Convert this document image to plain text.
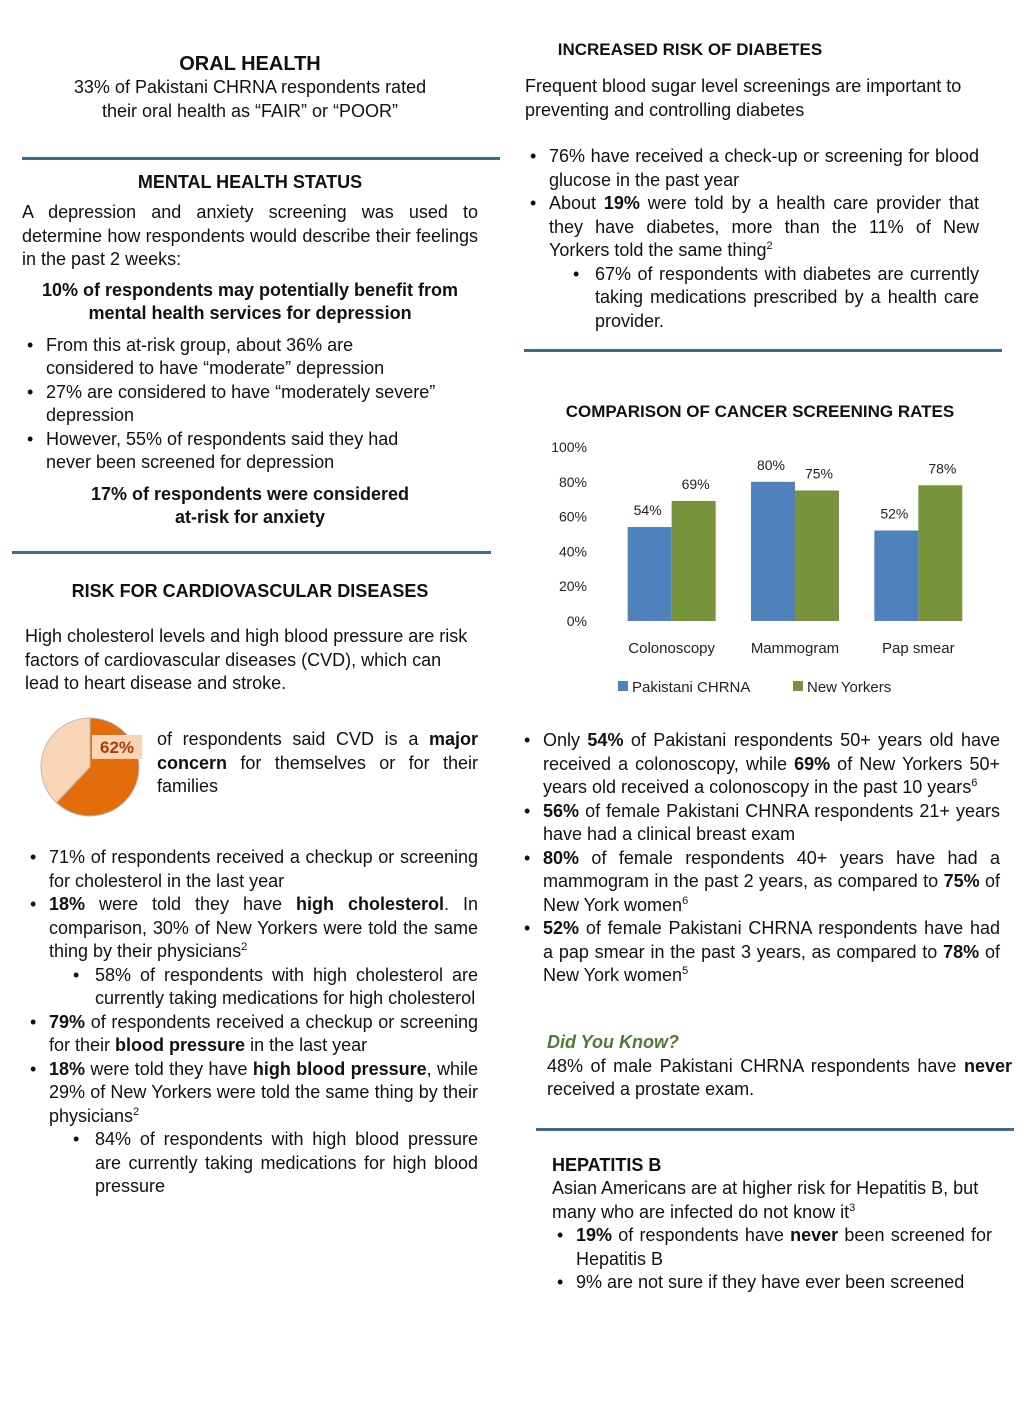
ORAL HEALTH
33% of Pakistani CHRNA respondents rated
their oral health as “FAIR” or “POOR”
MENTAL HEALTH STATUS
A depression and anxiety screening was used to determine how respondents would describe their feelings in the past 2 weeks:
10% of respondents may potentially benefit from
mental health services for depression
• From this at-risk group, about 36% are considered to have “moderate” depression
• 27% are considered to have “moderately severe” depression
• However, 55% of respondents said they had never been screened for depression
17% of respondents were considered
at-risk for anxiety
RISK FOR CARDIOVASCULAR DISEASES
High cholesterol levels and high blood pressure are risk factors of cardiovascular diseases (CVD), which can lead to heart disease and stroke.
62% of respondents said CVD is a major concern for themselves or for their families
• 71% of respondents received a checkup or screening for cholesterol in the last year
• 18% were told they have high cholesterol. In comparison, 30% of New Yorkers were told the same thing by their physicians$^2$
• 58% of respondents with high cholesterol are currently taking medications for high cholesterol
• 79% of respondents received a checkup or screening for their blood pressure in the last year
• 18% were told they have high blood pressure, while 29% of New Yorkers were told the same thing by their physicians$^2$
• 84% of respondents with high blood pressure are currently taking medications for high blood pressure
INCREASED RISK OF DIABETES
Frequent blood sugar level screenings are important to preventing and controlling diabetes
• 76% have received a check-up or screening for blood glucose in the past year
• About 19% were told by a health care provider that they have diabetes, more than the 11% of New Yorkers told the same thing$^2$
• 67% of respondents with diabetes are currently taking medications prescribed by a health care provider.
COMPARISON OF CANCER SCREENING RATES
0%
20%
40%
60%
80%
100%
54%
69%
Colonoscopy
80%
75%
Mammogram
52%
78%
Pap smear
Pakistani CHRNA	New Yorkers
• Only 54% of Pakistani respondents 50+ years old have received a colonoscopy, while 69% of New Yorkers 50+ years old received a colonoscopy in the past 10 years$^6$
• 56% of female Pakistani CHNRA respondents 21+ years have had a clinical breast exam
• 80% of female respondents 40+ years have had a mammogram in the past 2 years, as compared to 75% of New York women$^6$
• 52% of female Pakistani CHRNA respondents have had a pap smear in the past 3 years, as compared to 78% of New York women$^5$
Did You Know?
48% of male Pakistani CHRNA respondents have never received a prostate exam.
HEPATITIS B
Asian Americans are at higher risk for Hepatitis B, but many who are infected do not know $it^3$
• 19% of respondents have never been screened for Hepatitis B
• 9% are not sure if they have ever been screened
